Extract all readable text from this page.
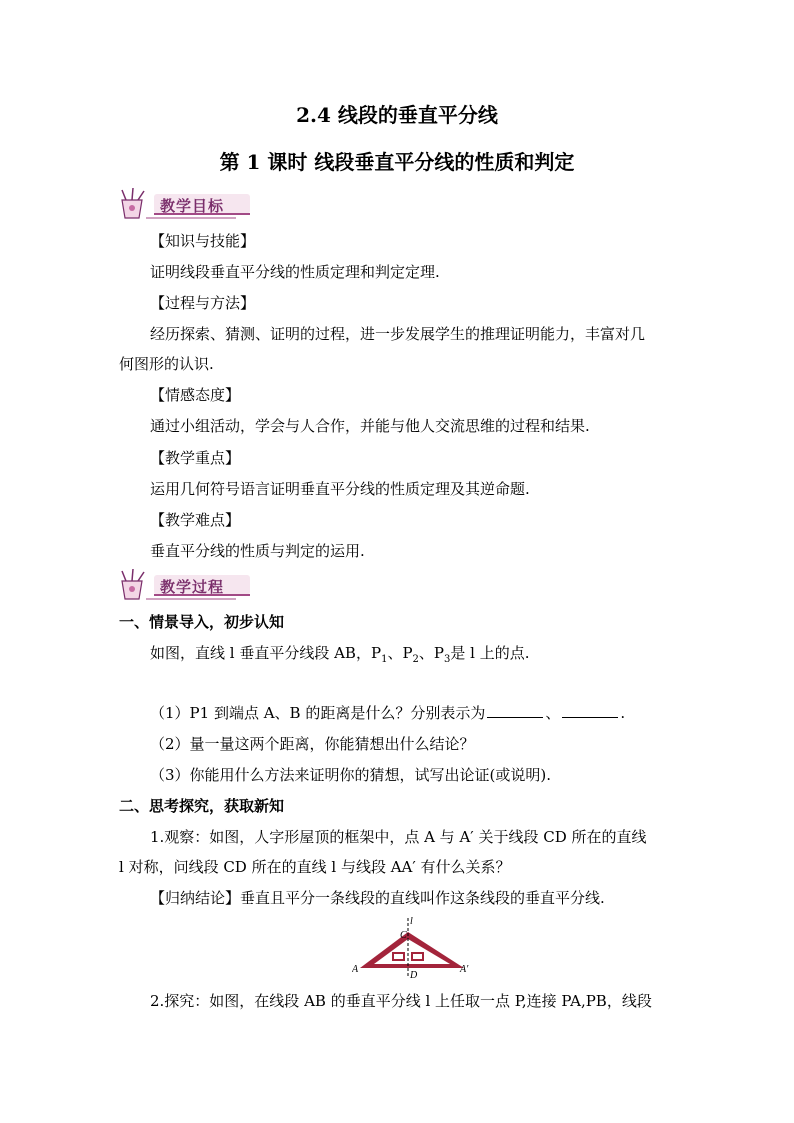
2.4 线段的垂直平分线
第 1 课时 线段垂直平分线的性质和判定
教学目标
【知识与技能】
证明线段垂直平分线的性质定理和判定定理.
【过程与方法】
经历探索、猜测、证明的过程，进一步发展学生的推理证明能力，丰富对几
何图形的认识.
【情感态度】
通过小组活动，学会与人合作，并能与他人交流思维的过程和结果.
【教学重点】
运用几何符号语言证明垂直平分线的性质定理及其逆命题.
【教学难点】
垂直平分线的性质与判定的运用.
教学过程
一、情景导入，初步认知
如图，直线 l 垂直平分线段 AB，$P_1$、$P_2$、$P_3$是 l 上的点.
（1）P1 到端点 A、B 的距离是什么？分别表示为	、	.
（2）量一量这两个距离，你能猜想出什么结论？
（3）你能用什么方法来证明你的猜想，试写出论证(或说明).
二、思考探究，获取新知
1.观察：如图，人字形屋顶的框架中，点 A 与 A′ 关于线段 CD 所在的直线
l 对称，问线段 CD 所在的直线 l 与线段 AA′ 有什么关系？
【归纳结论】垂直且平分一条线段的直线叫作这条线段的垂直平分线.
l
C
A	A′
D
2.探究：如图，在线段 AB 的垂直平分线 l 上任取一点 P,连接 PA,PB，线段
